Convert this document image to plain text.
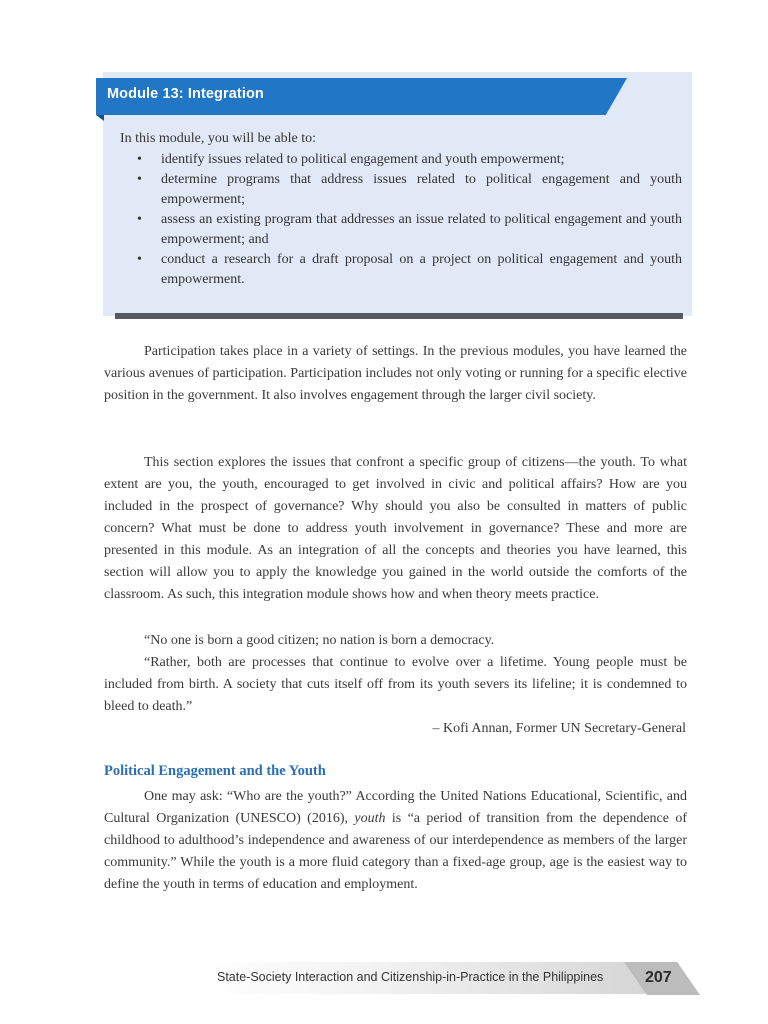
Module 13: Integration
In this module, you will be able to:
• identify issues related to political engagement and youth empowerment;
• determine programs that address issues related to political engagement and youth empowerment;
• assess an existing program that addresses an issue related to political engagement and youth empowerment; and
• conduct a research for a draft proposal on a project on political engagement and youth empowerment.

Participation takes place in a variety of settings. In the previous modules, you have learned the various avenues of participation. Participation includes not only voting or running for a specific elective position in the government. It also involves engagement through the larger civil society.

This section explores the issues that confront a specific group of citizens—the youth. To what extent are you, the youth, encouraged to get involved in civic and political affairs? How are you included in the prospect of governance? Why should you also be consulted in matters of public concern? What must be done to address youth involvement in governance? These and more are presented in this module. As an integration of all the concepts and theories you have learned, this section will allow you to apply the knowledge you gained in the world outside the comforts of the classroom. As such, this integration module shows how and when theory meets practice.

“No one is born a good citizen; no nation is born a democracy.

“Rather, both are processes that continue to evolve over a lifetime. Young people must be included from birth. A society that cuts itself off from its youth severs its lifeline; it is condemned to bleed to death.”

– Kofi Annan, Former UN Secretary-General
Political Engagement and the Youth

One may ask: “Who are the youth?” According the United Nations Educational, Scientific, and Cultural Organization (UNESCO) (2016), youth is “a period of transition from the dependence of childhood to adulthood’s independence and awareness of our interdependence as members of the larger community.” While the youth is a more fluid category than a fixed-age group, age is the easiest way to define the youth in terms of education and employment.

State-Society Interaction and Citizenship-in-Practice in the Philippines	207
